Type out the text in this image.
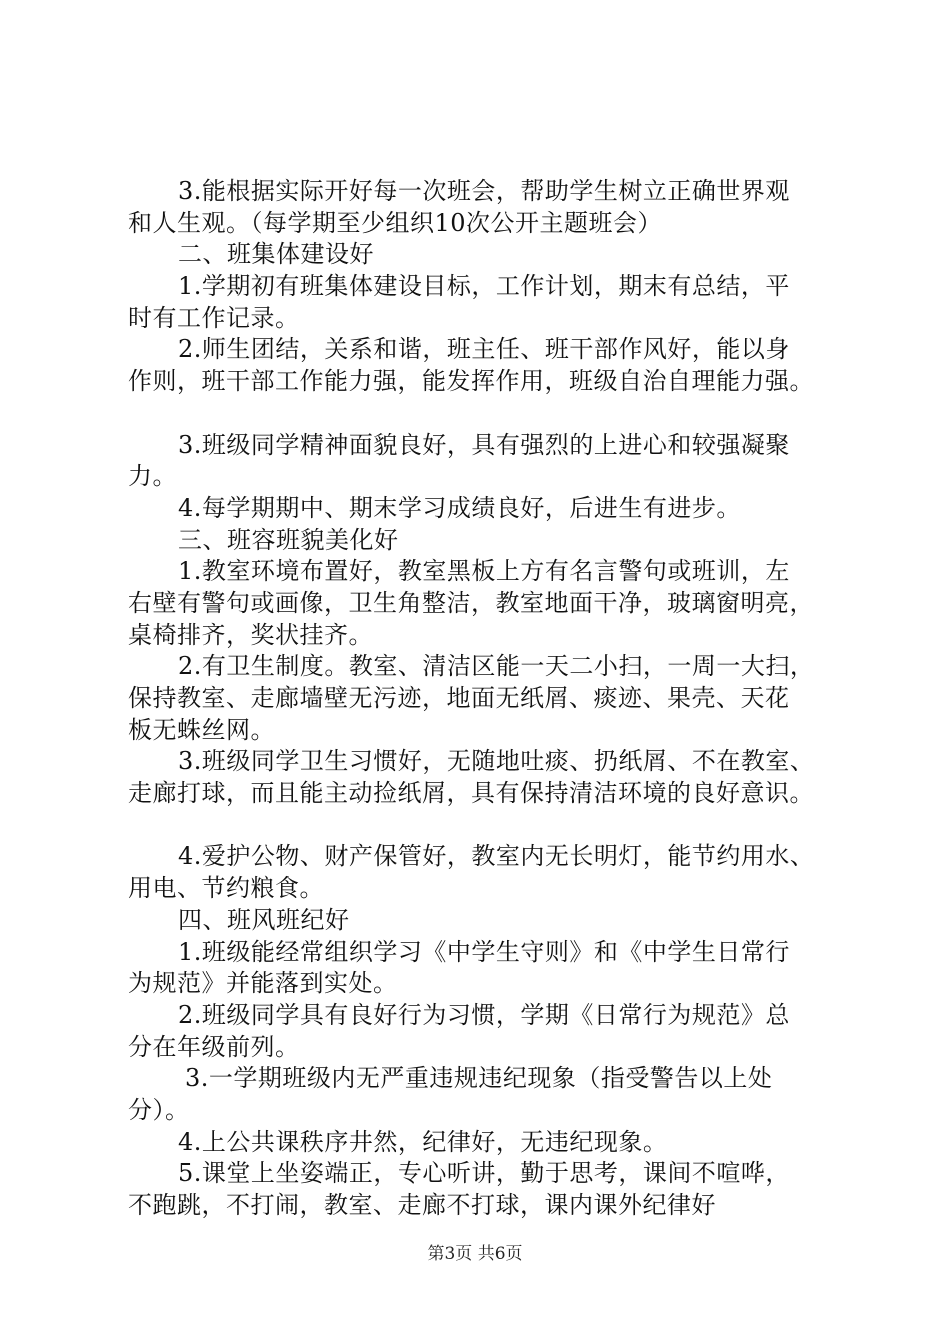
3.能根据实际开好每一次班会，帮助学生树立正确世界观
和人生观。（每学期至少组织10次公开主题班会）
二、班集体建设好
1.学期初有班集体建设目标，工作计划，期末有总结，平
时有工作记录。
2.师生团结，关系和谐，班主任、班干部作风好，能以身
作则，班干部工作能力强，能发挥作用，班级自治自理能力强。
3.班级同学精神面貌良好，具有强烈的上进心和较强凝聚
力。
4.每学期期中、期末学习成绩良好，后进生有进步。
三、班容班貌美化好
1.教室环境布置好，教室黑板上方有名言警句或班训，左
右壁有警句或画像，卫生角整洁，教室地面干净，玻璃窗明亮，
桌椅排齐，奖状挂齐。
2.有卫生制度。教室、清洁区能一天二小扫，一周一大扫，
保持教室、走廊墙壁无污迹，地面无纸屑、痰迹、果壳、天花
板无蛛丝网。
3.班级同学卫生习惯好，无随地吐痰、扔纸屑、不在教室、
走廊打球，而且能主动捡纸屑，具有保持清洁环境的良好意识。
4.爱护公物、财产保管好，教室内无长明灯，能节约用水、
用电、节约粮食。
四、班风班纪好
1.班级能经常组织学习《中学生守则》和《中学生日常行
为规范》并能落到实处。
2.班级同学具有良好行为习惯，学期《日常行为规范》总
分在年级前列。
3.一学期班级内无严重违规违纪现象（指受警告以上处
分）。
4.上公共课秩序井然，纪律好，无违纪现象。
5.课堂上坐姿端正，专心听讲，勤于思考，课间不喧哗，
不跑跳，不打闹，教室、走廊不打球，课内课外纪律好
第3页 共6页
